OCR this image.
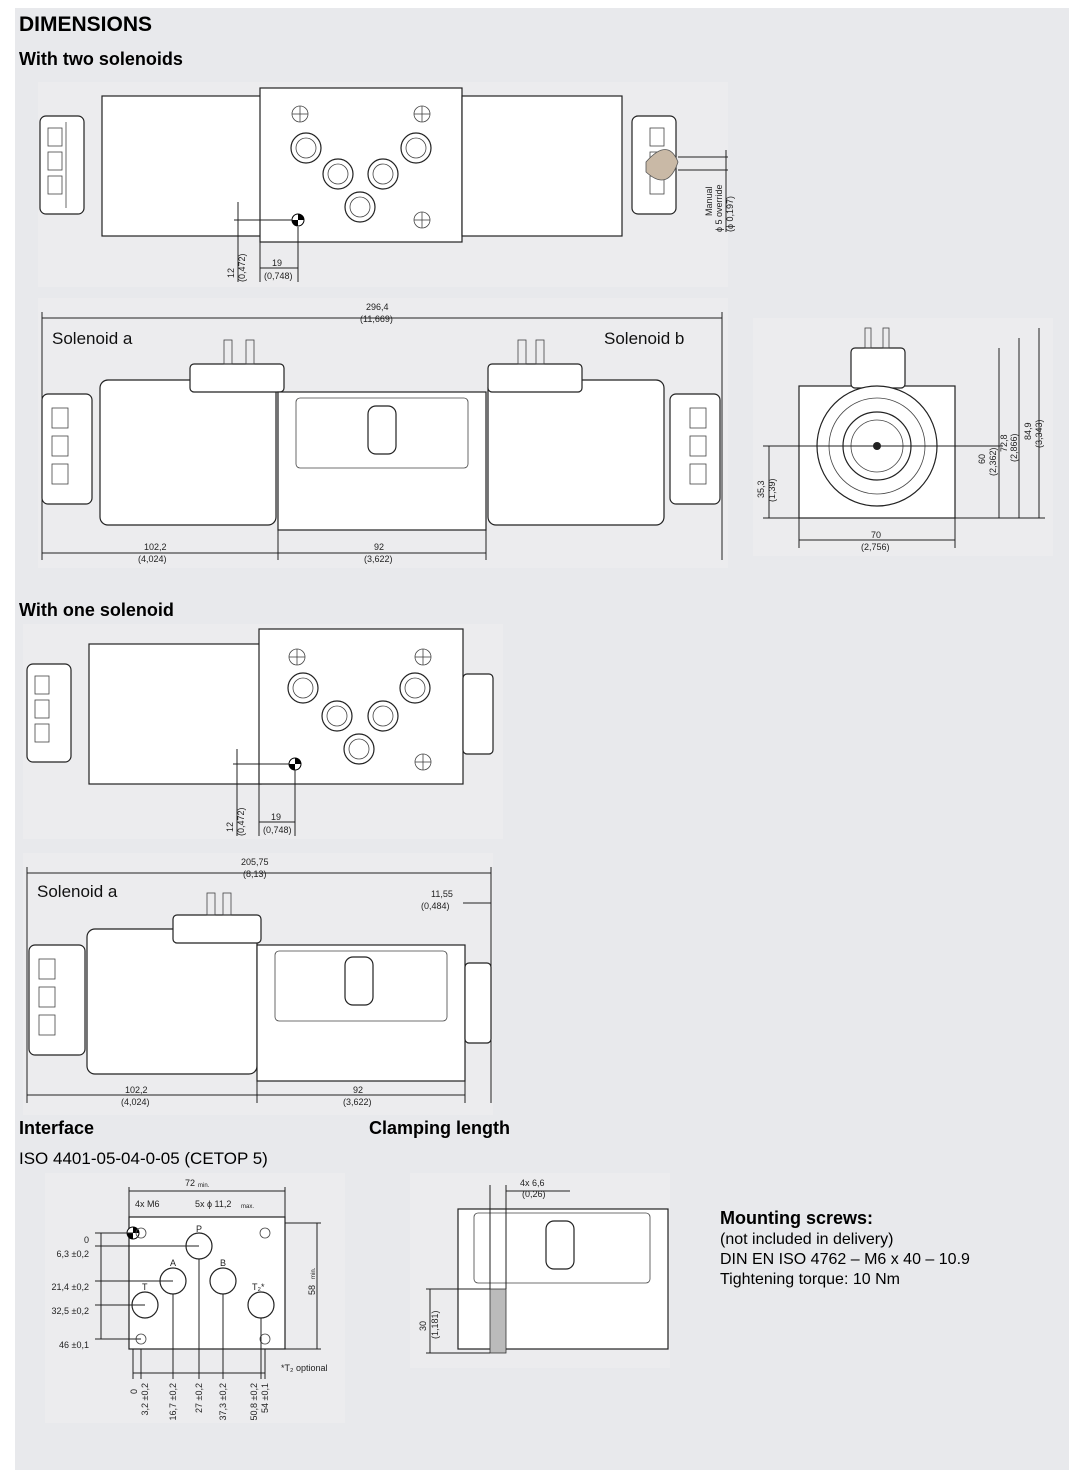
DIMENSIONS
With two solenoids
12 (0,472)	19
(0,748)
Manual ϕ 5 override (ϕ 0,197)
296,4
(11,669)
Solenoid a	Solenoid b
102,2
(4,024)
92
(3,622)
35,3 (1,39)
60 (2,362)
72,8 (2,866)
84,9 (3,343)
70
(2,756)
With one solenoid
12 (0,472)	19
(0,748)
205,75
(8,13)
Solenoid a	11,55
(0,484)
102,2
(4,024)
92
(3,622)
Interface	Clamping length
ISO 4401-05-04-0-05 (CETOP 5)
72 min.
4x M6	5x ϕ 11,2 max.
58
min.
P
A	B
T	T₂*
*T₂ optional
0
6,3 ±0,2
21,4 ±0,2
32,5 ±0,2
46 ±0,1
0 3,2 ±0,2 16,7 ±0,2 27 ±0,2 37,3 ±0,2 50,8 ±0,2 54 ±0,1
4x 6,6
(0,26)
30 (1,181)
Mounting screws:
(not included in delivery)
DIN EN ISO 4762 – M6 x 40 – 10.9
Tightening torque: 10 Nm
